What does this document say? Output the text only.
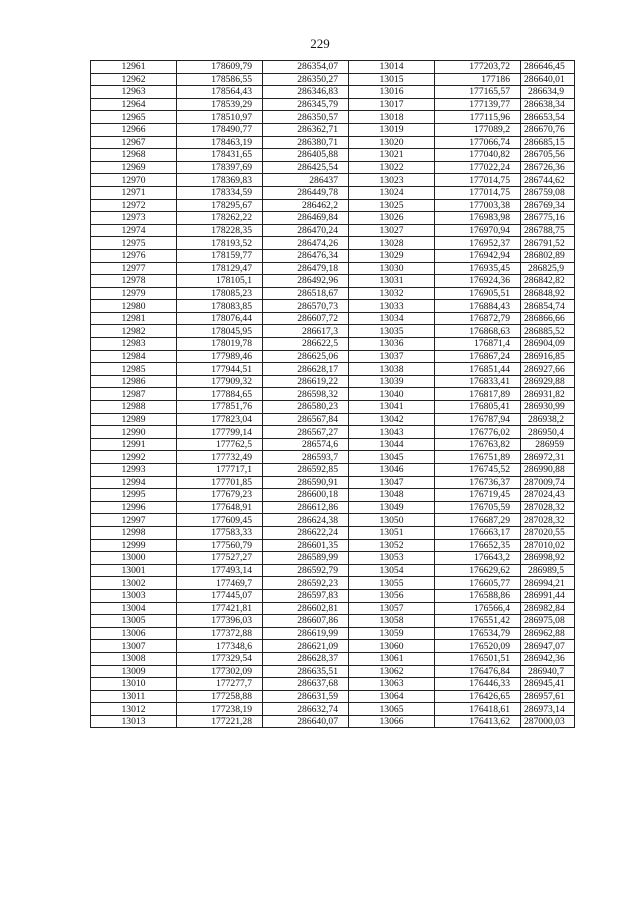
229
12961	178609,79	286354,07	13014	177203,72	286646,45
12962	178586,55	286350,27	13015	177186	286640,01
12963	178564,43	286346,83	13016	177165,57	286634,9
12964	178539,29	286345,79	13017	177139,77	286638,34
12965	178510,97	286350,57	13018	177115,96	286653,54
12966	178490,77	286362,71	13019	177089,2	286670,76
12967	178463,19	286380,71	13020	177066,74	286685,15
12968	178431,65	286405,88	13021	177040,82	286705,56
12969	178397,69	286425,54	13022	177022,24	286726,36
12970	178369,83	286437	13023	177014,75	286744,62
12971	178334,59	286449,78	13024	177014,75	286759,08
12972	178295,67	286462,2	13025	177003,38	286769,34
12973	178262,22	286469,84	13026	176983,98	286775,16
12974	178228,35	286470,24	13027	176970,94	286788,75
12975	178193,52	286474,26	13028	176952,37	286791,52
12976	178159,77	286476,34	13029	176942,94	286802,89
12977	178129,47	286479,18	13030	176935,45	286825,9
12978	178105,1	286492,96	13031	176924,36	286842,82
12979	178085,23	286518,67	13032	176905,51	286848,92
12980	178083,85	286570,73	13033	176884,43	286854,74
12981	178076,44	286607,72	13034	176872,79	286866,66
12982	178045,95	286617,3	13035	176868,63	286885,52
12983	178019,78	286622,5	13036	176871,4	286904,09
12984	177989,46	286625,06	13037	176867,24	286916,85
12985	177944,51	286628,17	13038	176851,44	286927,66
12986	177909,32	286619,22	13039	176833,41	286929,88
12987	177884,65	286598,32	13040	176817,89	286931,82
12988	177851,76	286580,23	13041	176805,41	286930,99
12989	177823,04	286567,84	13042	176787,94	286938,2
12990	177799,14	286567,27	13043	176776,02	286950,4
12991	177762,5	286574,6	13044	176763,82	286959
12992	177732,49	286593,7	13045	176751,89	286972,31
12993	177717,1	286592,85	13046	176745,52	286990,88
12994	177701,85	286590,91	13047	176736,37	287009,74
12995	177679,23	286600,18	13048	176719,45	287024,43
12996	177648,91	286612,86	13049	176705,59	287028,32
12997	177609,45	286624,38	13050	176687,29	287028,32
12998	177583,33	286622,24	13051	176663,17	287020,55
12999	177560,79	286601,35	13052	176652,35	287010,02
13000	177527,27	286589,99	13053	176643,2	286998,92
13001	177493,14	286592,79	13054	176629,62	286989,5
13002	177469,7	286592,23	13055	176605,77	286994,21
13003	177445,07	286597,83	13056	176588,86	286991,44
13004	177421,81	286602,81	13057	176566,4	286982,84
13005	177396,03	286607,86	13058	176551,42	286975,08
13006	177372,88	286619,99	13059	176534,79	286962,88
13007	177348,6	286621,09	13060	176520,09	286947,07
13008	177329,54	286628,37	13061	176501,51	286942,36
13009	177302,09	286635,51	13062	176476,84	286940,7
13010	177277,7	286637,68	13063	176446,33	286945,41
13011	177258,88	286631,59	13064	176426,65	286957,61
13012	177238,19	286632,74	13065	176418,61	286973,14
13013	177221,28	286640,07	13066	176413,62	287000,03
